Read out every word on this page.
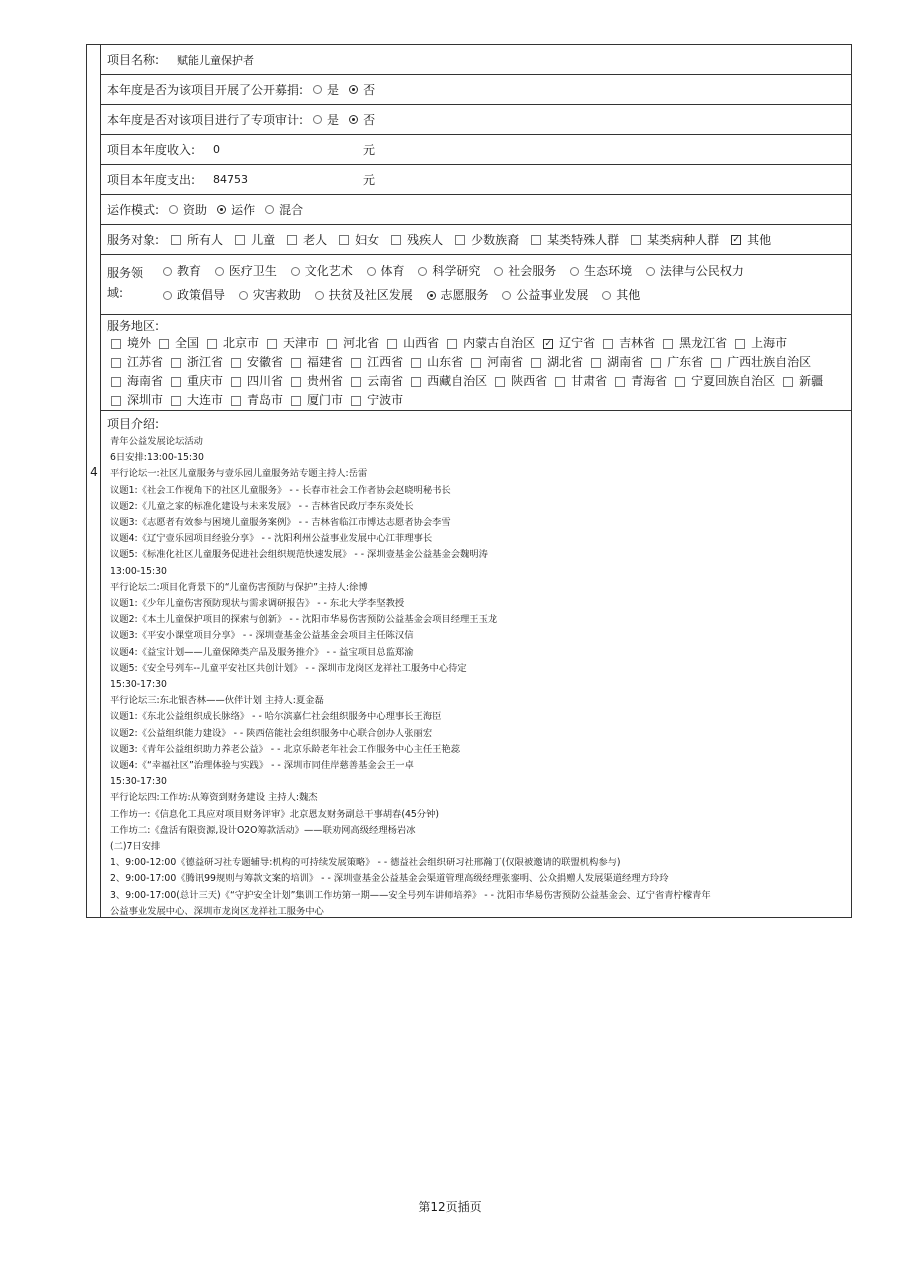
4
项目名称: 赋能儿童保护者
本年度是否为该项目开展了公开募捐: 是 否
本年度是否对该项目进行了专项审计: 是 否
项目本年度收入: 0	元
项目本年度支出: 84753	元
运作模式: 资助 运作 混合
服务对象: 所有人 儿童 老人 妇女 残疾人 少数族裔 某类特殊人群 某类病种人群 ✓ 其他
服务领
域:
教育 医疗卫生 文化艺术 体育 科学研究 社会服务 生态环境 法律与公民权力
政策倡导 灾害救助 扶贫及社区发展 志愿服务 公益事业发展 其他
服务地区:
境外	全国	北京市	天津市	河北省	山西省	内蒙古自治区	✓ 辽宁省	吉林省	黑龙江省	上海市
江苏省	浙江省	安徽省	福建省	江西省	山东省	河南省	湖北省	湖南省	广东省	广西壮族自治区
海南省	重庆市	四川省	贵州省	云南省	西藏自治区	陕西省	甘肃省	青海省	宁夏回族自治区	新疆
深圳市	大连市	青岛市	厦门市	宁波市
项目介绍:
青年公益发展论坛活动
6日安排:13:00-15:30
平行论坛一:社区儿童服务与壹乐园儿童服务站专题主持人:岳雷
议题1:《社会工作视角下的社区儿童服务》 - - 长春市社会工作者协会赵晓明秘书长
议题2:《儿童之家的标准化建设与未来发展》 - - 吉林省民政厅李东炎处长
议题3:《志愿者有效参与困境儿童服务案例》 - - 吉林省临江市博达志愿者协会李雪
议题4:《辽宁壹乐园项目经验分享》 - - 沈阳利州公益事业发展中心江菲理事长
议题5:《标准化社区儿童服务促进社会组织规范快速发展》 - - 深圳壹基金公益基金会魏明涛
13:00-15:30
平行论坛二:项目化背景下的“儿童伤害预防与保护”主持人:徐博
议题1:《少年儿童伤害预防现状与需求调研报告》 - - 东北大学李坚教授
议题2:《本土儿童保护项目的探索与创新》 - - 沈阳市华易伤害预防公益基金会项目经理王玉龙
议题3:《平安小课堂项目分享》 - - 深圳壹基金公益基金会项目主任陈汉信
议题4:《益宝计划——儿童保障类产品及服务推介》 - - 益宝项目总监郑渝
议题5:《安全号列车--儿童平安社区共创计划》 - - 深圳市龙岗区龙祥社工服务中心待定
15:30-17:30
平行论坛三:东北银杏林——伙伴计划 主持人:夏金磊
议题1:《东北公益组织成长脉络》 - - 哈尔滨嘉仁社会组织服务中心理事长王海臣
议题2:《公益组织能力建设》 - - 陕西倍能社会组织服务中心联合创办人张丽宏
议题3:《青年公益组织助力养老公益》 - - 北京乐龄老年社会工作服务中心主任王艳蕊
议题4:《“幸福社区”治理体验与实践》 - - 深圳市同佳岸慈善基金会王一卓
15:30-17:30
平行论坛四:工作坊:从筹资到财务建设 主持人:魏杰
工作坊一:《信息化工具应对项目财务评审》北京恩友财务副总干事胡春(45分钟)
工作坊二:《盘活有限资源,设计O2O筹款活动》——联劝网高级经理杨岩冰
(二)7日安排
1、9:00-12:00《德益研习社专题辅导:机构的可持续发展策略》 - - 德益社会组织研习社邢瀚丁(仅限被邀请的联盟机构参与)
2、9:00-17:00《腾讯99规则与筹款文案的培训》 - - 深圳壹基金公益基金会渠道管理高级经理张銮明、公众捐赠人发展渠道经理方玲玲
3、9:00-17:00(总计三天)《“守护安全计划”集训工作坊第一期——安全号列车讲师培养》 - - 沈阳市华易伤害预防公益基金会、辽宁省青柠檬青年
公益事业发展中心、深圳市龙岗区龙祥社工服务中心
第12页插页
